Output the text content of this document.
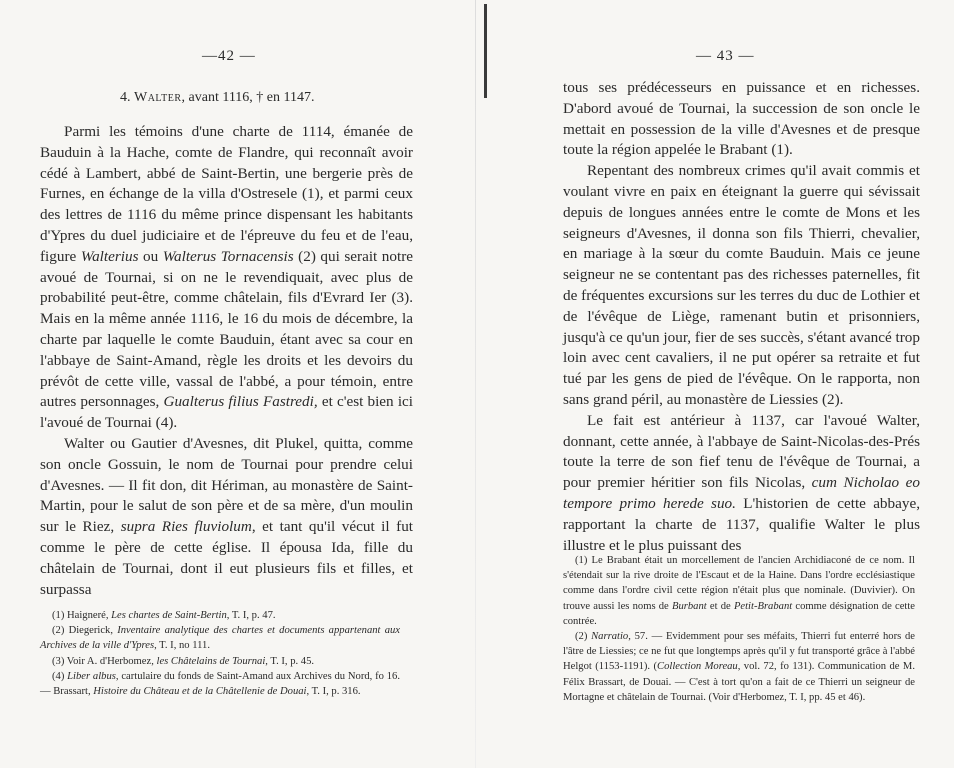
—42 —
4. Walter, avant 1116, † en 1147.

Parmi les témoins d'une charte de 1114, émanée de Bauduin à la Hache, comte de Flandre, qui reconnaît avoir cédé à Lambert, abbé de Saint-Bertin, une bergerie près de Furnes, en échange de la villa d'Ostresele (1), et parmi ceux des lettres de 1116 du même prince dispensant les habitants d'Ypres du duel judiciaire et de l'épreuve du feu et de l'eau, figure Walterius ou Walterus Tornacensis (2) qui serait notre avoué de Tournai, si on ne le revendiquait, avec plus de probabilité peut-être, comme châtelain, fils d'Evrard Ier (3). Mais en la même année 1116, le 16 du mois de décembre, la charte par laquelle le comte Bauduin, étant avec sa cour en l'abbaye de Saint-Amand, règle les droits et les devoirs du prévôt de cette ville, vassal de l'abbé, a pour témoin, entre autres personnages, Gualterus filius Fastredi, et c'est bien ici l'avoué de Tournai (4).

Walter ou Gautier d'Avesnes, dit Plukel, quitta, comme son oncle Gossuin, le nom de Tournai pour prendre celui d'Avesnes. — Il fit don, dit Hériman, au monastère de Saint-Martin, pour le salut de son père et de sa mère, d'un moulin sur le Riez, supra Ries fluviolum, et tant qu'il vécut il fut comme le père de cette église. Il épousa Ida, fille du châtelain de Tournai, dont il eut plusieurs fils et filles, et surpassa

(1) Haigneré, Les chartes de Saint-Bertin, T. I, p. 47.

(2) Diegerick, Inventaire analytique des chartes et documents appartenant aux Archives de la ville d'Ypres, T. I, no 111.

(3) Voir A. d'Herbomez, les Châtelains de Tournai, T. I, p. 45.

(4) Liber albus, cartulaire du fonds de Saint-Amand aux Archives du Nord, fo 16. — Brassart, Histoire du Château et de la Châtellenie de Douai, T. I, p. 316.

— 43 —

tous ses prédécesseurs en puissance et en richesses. D'abord avoué de Tournai, la succession de son oncle le mettait en possession de la ville d'Avesnes et de presque toute la région appelée le Brabant (1).

Repentant des nombreux crimes qu'il avait commis et voulant vivre en paix en éteignant la guerre qui sévissait depuis de longues années entre le comte de Mons et les seigneurs d'Avesnes, il donna son fils Thierri, chevalier, en mariage à la sœur du comte Bauduin. Mais ce jeune seigneur ne se contentant pas des richesses paternelles, fit de fréquentes excursions sur les terres du duc de Lothier et de l'évêque de Liège, ramenant butin et prisonniers, jusqu'à ce qu'un jour, fier de ses succès, s'étant avancé trop loin avec cent cavaliers, il ne put opérer sa retraite et fut tué par les gens de pied de l'évêque. On le rapporta, non sans grand péril, au monastère de Liessies (2).

Le fait est antérieur à 1137, car l'avoué Walter, donnant, cette année, à l'abbaye de Saint-Nicolas-des-Prés toute la terre de son fief tenu de l'évêque de Tournai, a pour premier héritier son fils Nicolas, cum Nicholao eo tempore primo herede suo. L'historien de cette abbaye, rapportant la charte de 1137, qualifie Walter le plus illustre et le plus puissant des

(1) Le Brabant était un morcellement de l'ancien Archidiaconé de ce nom. Il s'étendait sur la rive droite de l'Escaut et de la Haine. Dans l'ordre ecclésiastique comme dans l'ordre civil cette région n'était plus que nominale. (Duvivier). On trouve aussi les noms de Burbant et de Petit-Brabant comme désignation de cette contrée.

(2) Narratio, 57. — Evidemment pour ses méfaits, Thierri fut enterré hors de l'âtre de Liessies; ce ne fut que longtemps après qu'il y fut transporté grâce à l'abbé Helgot (1153-1191). (Collection Moreau, vol. 72, fo 131). Communication de M. Félix Brassart, de Douai. — C'est à tort qu'on a fait de ce Thierri un seigneur de Mortagne et châtelain de Tournai. (Voir d'Herbomez, T. I, pp. 45 et 46).
